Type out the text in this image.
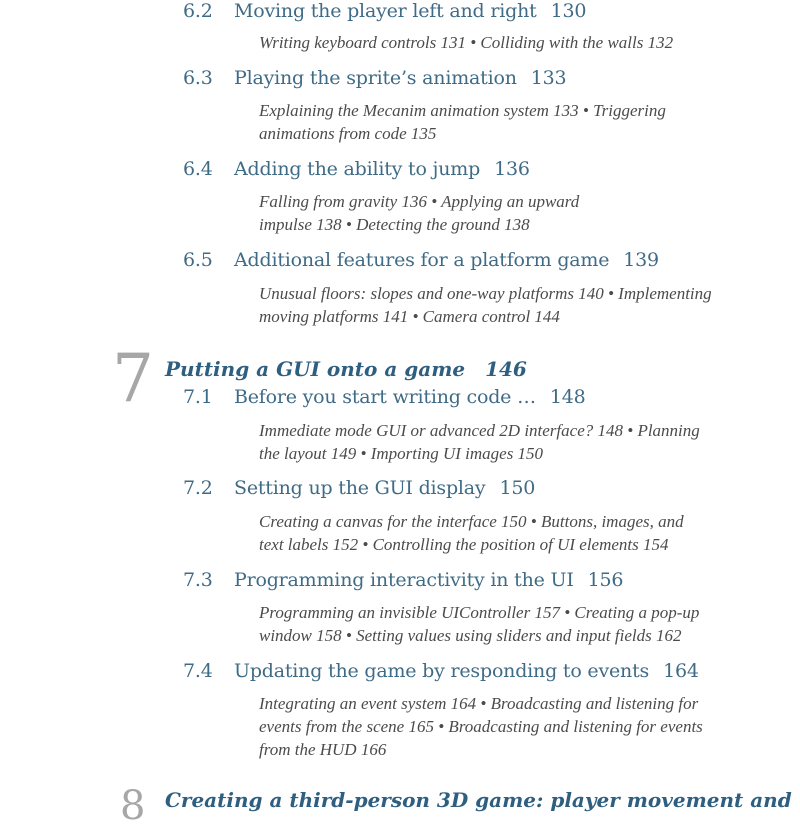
6.2 Moving the player left and right 130
Writing keyboard controls 131 • Colliding with the walls 132
6.3 Playing the sprite’s animation 133
Explaining the Mecanim animation system 133 • Triggering
animations from code 135
6.4 Adding the ability to jump 136
Falling from gravity 136 • Applying an upward
impulse 138 • Detecting the ground 138
6.5 Additional features for a platform game 139
Unusual floors: slopes and one-way platforms 140 • Implementing
moving platforms 141 • Camera control 144
7 Putting a GUI onto a game 146
7.1 Before you start writing code … 148
Immediate mode GUI or advanced 2D interface? 148 • Planning
the layout 149 • Importing UI images 150
7.2 Setting up the GUI display 150
Creating a canvas for the interface 150 • Buttons, images, and
text labels 152 • Controlling the position of UI elements 154
7.3 Programming interactivity in the UI 156
Programming an invisible UIController 157 • Creating a pop-up
window 158 • Setting values using sliders and input fields 162
7.4 Updating the game by responding to events 164
Integrating an event system 164 • Broadcasting and listening for
events from the scene 165 • Broadcasting and listening for events
from the HUD 166
8 Creating a third-person 3D game: player movement and
